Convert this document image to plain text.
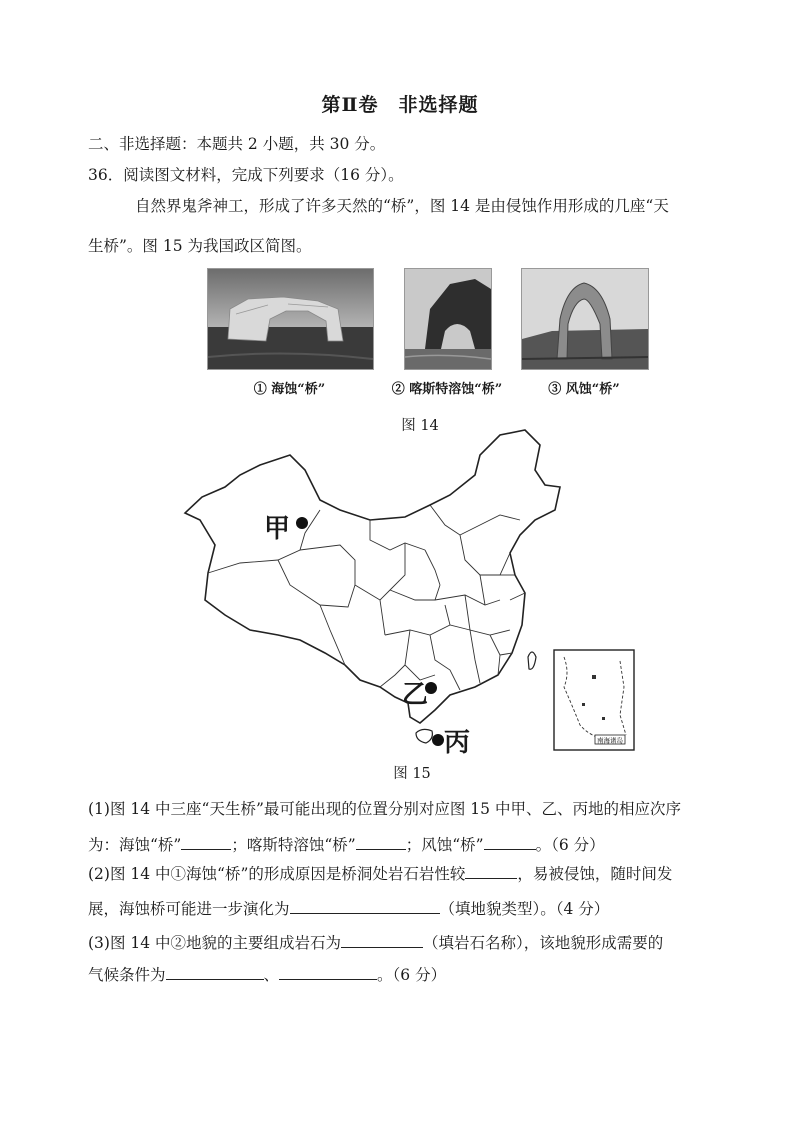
第Ⅱ卷　非选择题
二、非选择题：本题共 2 小题，共 30 分。
36．阅读图文材料，完成下列要求（16 分）。
自然界鬼斧神工，形成了许多天然的“桥”，图 14 是由侵蚀作用形成的几座“天
生桥”。图 15 为我国政区简图。
① 海蚀“桥”	② 喀斯特溶蚀“桥”	③ 风蚀“桥”
图 14
南海诸岛
甲
乙
丙
图 15
(1)图 14 中三座“天生桥”最可能出现的位置分别对应图 15 中甲、乙、丙地的相应次序
为：海蚀“桥”	；喀斯特溶蚀“桥”	；风蚀“桥”	。（6 分）
(2)图 14 中①海蚀“桥”的形成原因是桥洞处岩石岩性较	，易被侵蚀，随时间发
展，海蚀桥可能进一步演化为	（填地貌类型）。（4 分）
(3)图 14 中②地貌的主要组成岩石为	（填岩石名称），该地貌形成需要的
气候条件为	、	。（6 分）
